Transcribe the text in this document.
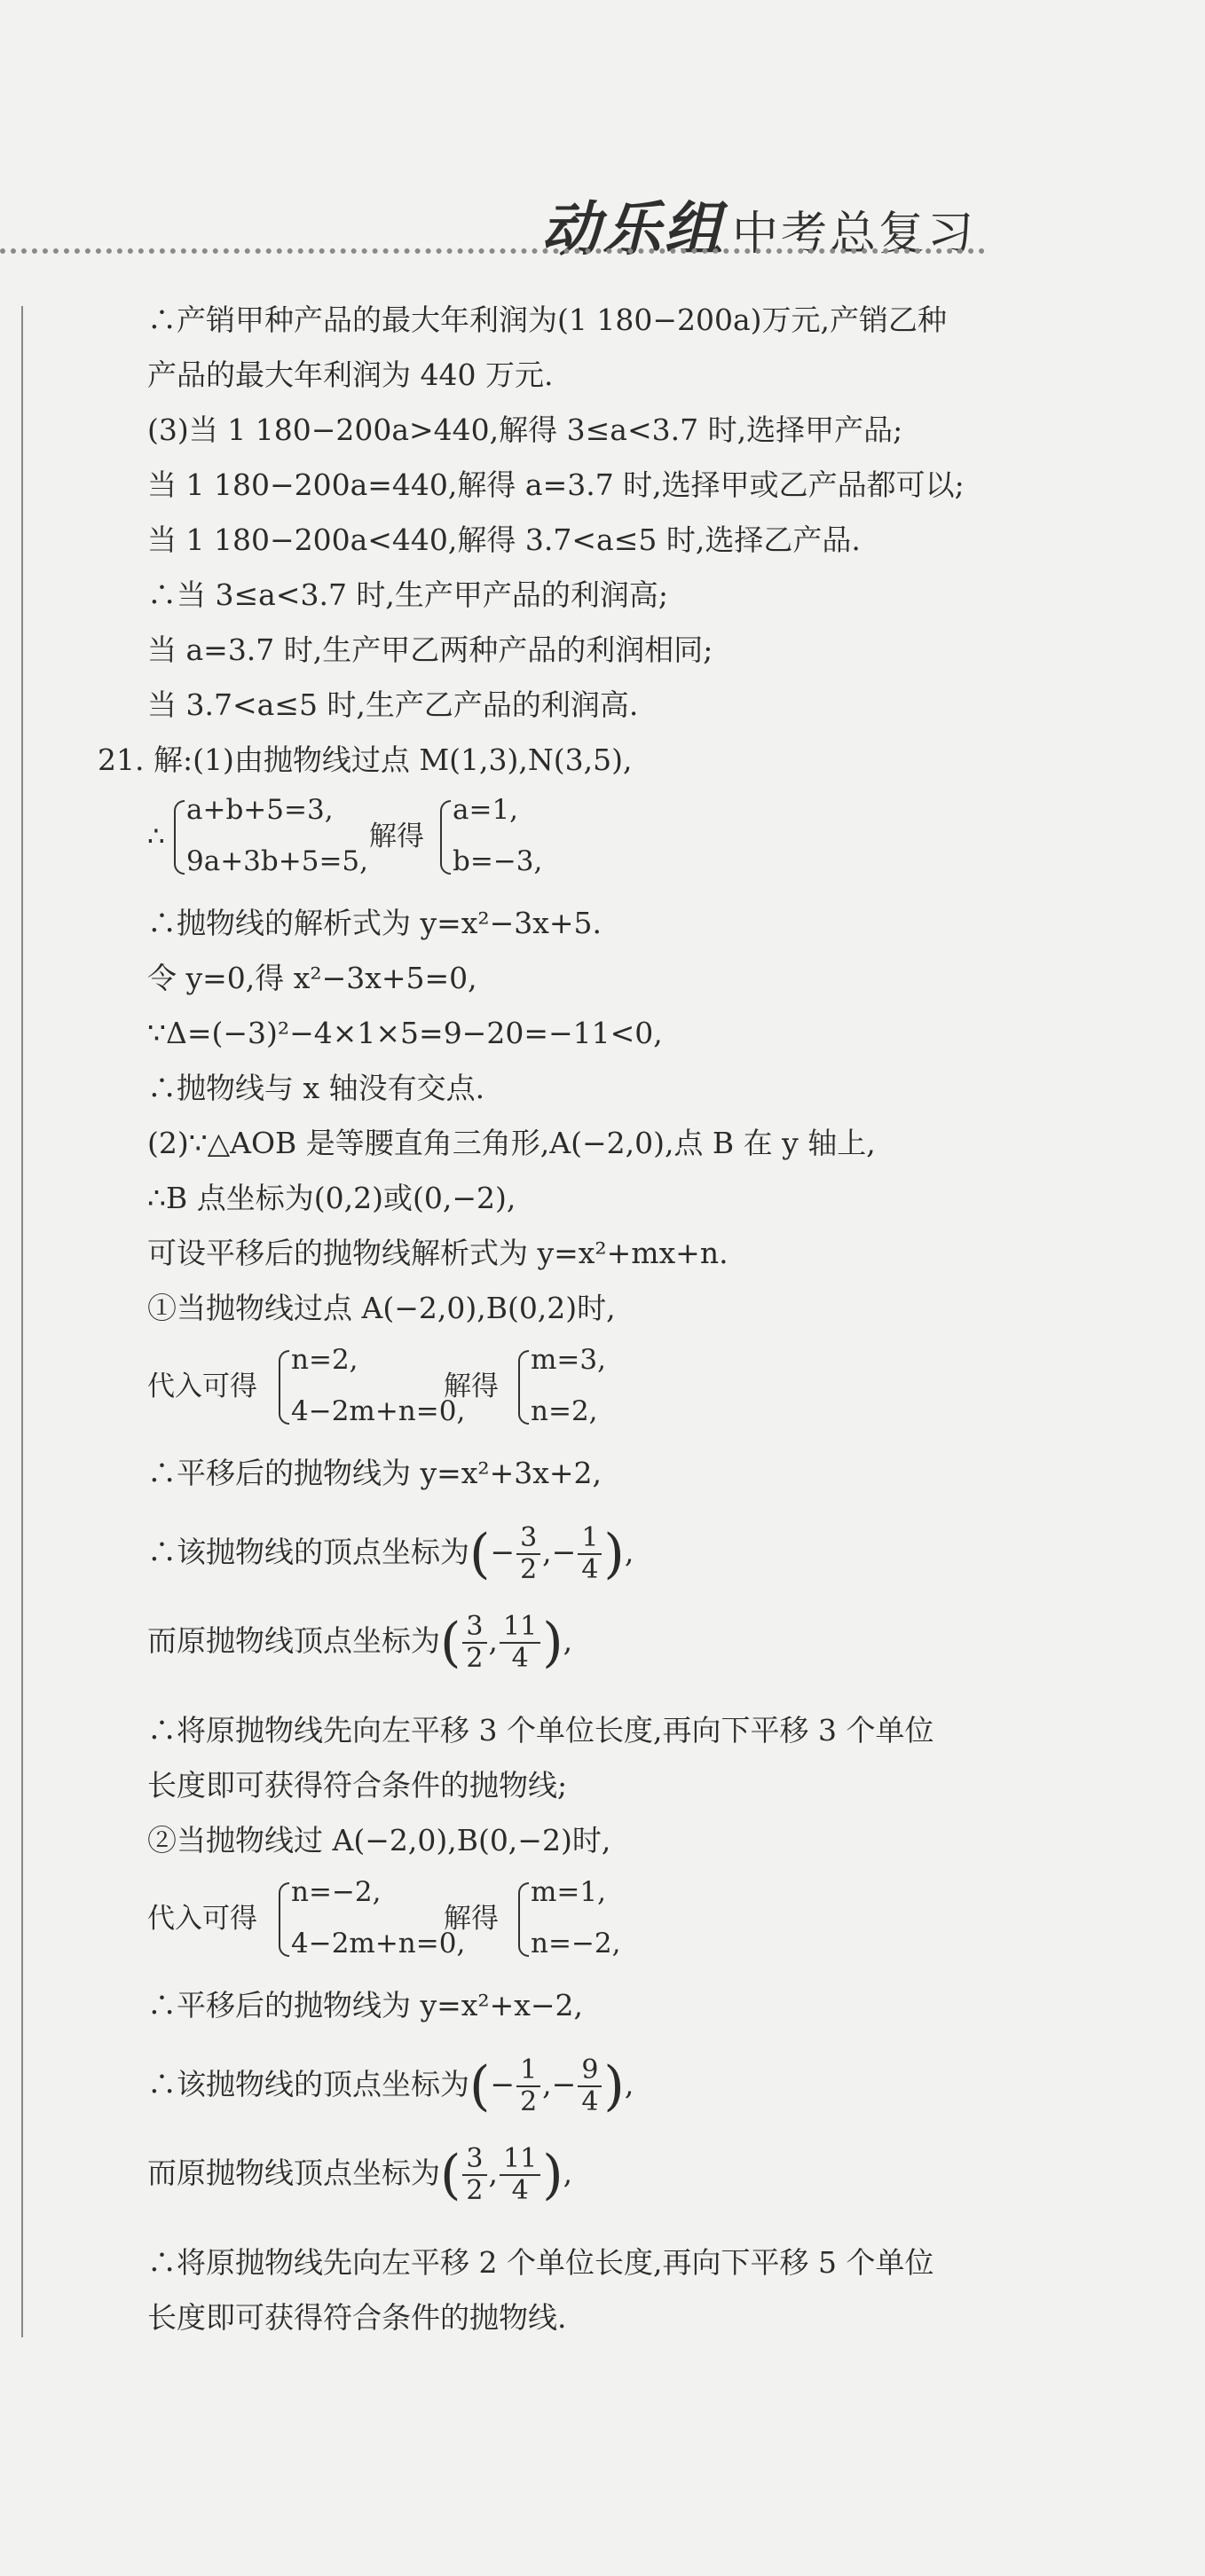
动乐组 中考总复习
∴产销甲种产品的最大年利润为(1 180−200a)万元,产销乙种
产品的最大年利润为 440 万元.
(3)当 1 180−200a>440,解得 3≤a<3.7 时,选择甲产品;
当 1 180−200a=440,解得 a=3.7 时,选择甲或乙产品都可以;
当 1 180−200a<440,解得 3.7<a≤5 时,选择乙产品.
∴当 3≤a<3.7 时,生产甲产品的利润高;
当 a=3.7 时,生产甲乙两种产品的利润相同;
当 3.7<a≤5 时,生产乙产品的利润高.
21. 解:(1)由抛物线过点 M(1,3),N(3,5),
∴
a+b+5=3,
9a+3b+5=5,
解得
a=1,
b=−3,
∴抛物线的解析式为 y=x²−3x+5.
令 y=0,得 x²−3x+5=0,
∵Δ=(−3)²−4×1×5=9−20=−11<0,
∴抛物线与 x 轴没有交点.
(2)∵△AOB 是等腰直角三角形,A(−2,0),点 B 在 y 轴上,
∴B 点坐标为(0,2)或(0,−2),
可设平移后的抛物线解析式为 y=x²+mx+n.
①当抛物线过点 A(−2,0),B(0,2)时,
代入可得
n=2,
4−2m+n=0,
解得
m=3,
n=2,
∴平移后的抛物线为 y=x²+3x+2,
∴该抛物线的顶点坐标为(− $\frac{3}{2}$ ,− $\frac{1}{4}$ ),
而原抛物线顶点坐标为( $\frac{3}{2}$ , $\frac{11}{4}$ ),
∴将原抛物线先向左平移 3 个单位长度,再向下平移 3 个单位
长度即可获得符合条件的抛物线;
②当抛物线过 A(−2,0),B(0,−2)时,
代入可得
n=−2,
4−2m+n=0,
解得
m=1,
n=−2,
∴平移后的抛物线为 y=x²+x−2,
∴该抛物线的顶点坐标为(− $\frac{1}{2}$ ,− $\frac{9}{4}$ ),
而原抛物线顶点坐标为( $\frac{3}{2}$ , $\frac{11}{4}$ ),
∴将原抛物线先向左平移 2 个单位长度,再向下平移 5 个单位
长度即可获得符合条件的抛物线.
